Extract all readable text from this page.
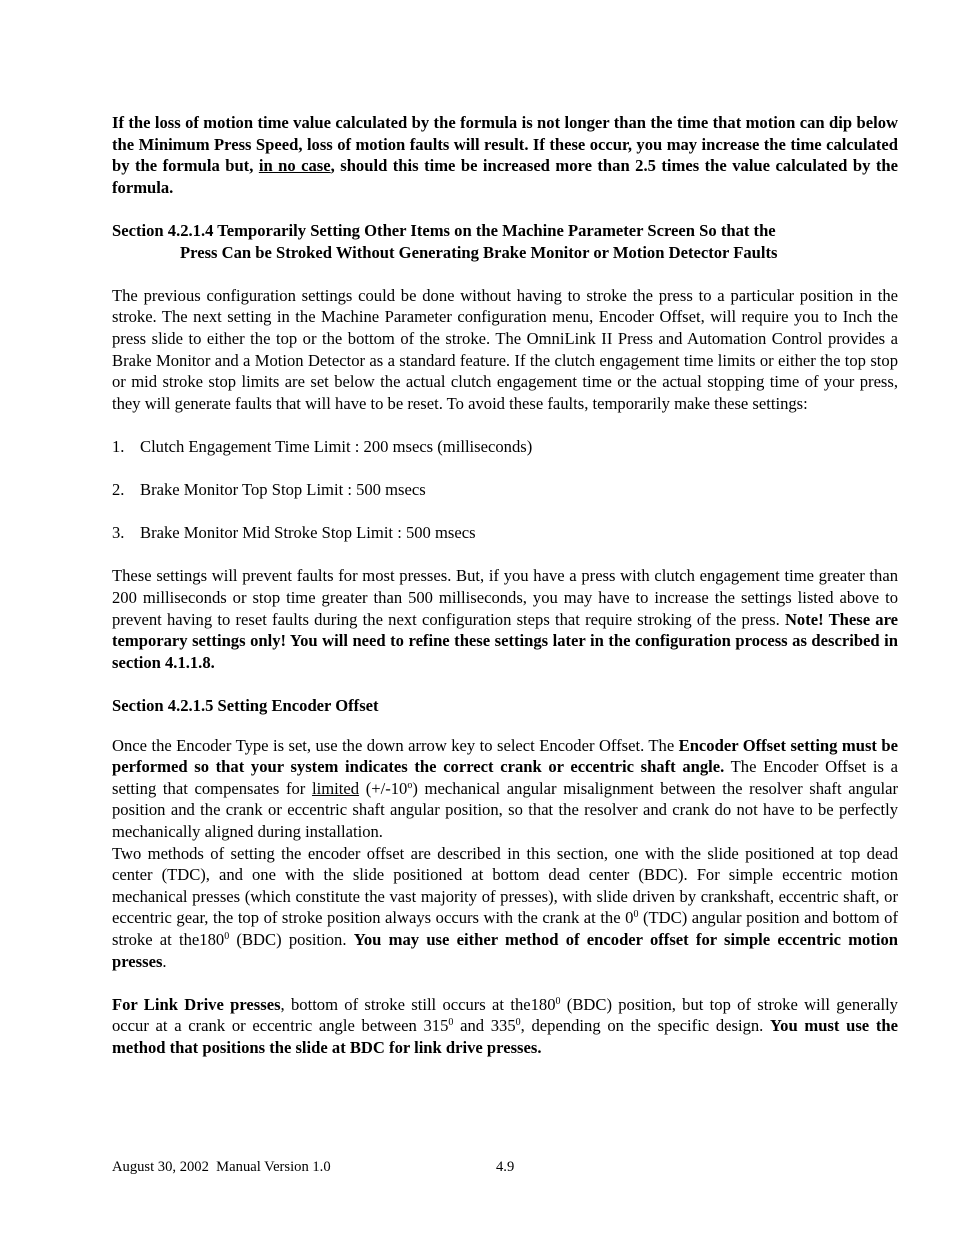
If the loss of motion time value calculated by the formula is not longer than the time that motion can dip below the Minimum Press Speed, loss of motion faults will result. If these occur, you may increase the time calculated by the formula but, in no case, should this time be increased more than 2.5 times the value calculated by the formula.

Section 4.2.1.4 Temporarily Setting Other Items on the Machine Parameter Screen So that the
Press Can be Stroked Without Generating Brake Monitor or Motion Detector Faults

The previous configuration settings could be done without having to stroke the press to a particular position in the stroke. The next setting in the Machine Parameter configuration menu, Encoder Offset, will require you to Inch the press slide to either the top or the bottom of the stroke. The OmniLink II Press and Automation Control provides a Brake Monitor and a Motion Detector as a standard feature. If the clutch engagement time limits or either the top stop or mid stroke stop limits are set below the actual clutch engagement time or the actual stopping time of your press, they will generate faults that will have to be reset. To avoid these faults, temporarily make these settings:

1. Clutch Engagement Time Limit : 200 msecs (milliseconds)
2. Brake Monitor Top Stop Limit : 500 msecs
3. Brake Monitor Mid Stroke Stop Limit : 500 msecs

These settings will prevent faults for most presses. But, if you have a press with clutch engagement time greater than 200 milliseconds or stop time greater than 500 milliseconds, you may have to increase the settings listed above to prevent having to reset faults during the next configuration steps that require stroking of the press. Note! These are temporary settings only! You will need to refine these settings later in the configuration process as described in section 4.1.1.8.

Section 4.2.1.5 Setting Encoder Offset

Once the Encoder Type is set, use the down arrow key to select Encoder Offset. The Encoder Offset setting must be performed so that your system indicates the correct crank or eccentric shaft angle. The Encoder Offset is a setting that compensates for limited $(+/-10^o)$ mechanical angular misalignment between the resolver shaft angular position and the crank or eccentric shaft angular position, so that the resolver and crank do not have to be perfectly mechanically aligned during installation.

Two methods of setting the encoder offset are described in this section, one with the slide positioned at top dead center (TDC), and one with the slide positioned at bottom dead center (BDC). For simple eccentric motion mechanical presses (which constitute the vast majority of presses), with slide driven by crankshaft, eccentric shaft, or eccentric gear, the top of stroke position always occurs with the crank at the $0^0$ (TDC) angular position and bottom of stroke at $the180^0$ (BDC) position. You may use either method of encoder offset for simple eccentric motion presses.

For Link Drive presses, bottom of stroke still occurs at $the180^0$ (BDC) position, but top of stroke will generally occur at a crank or eccentric angle between $315^0$ and $335^0$, depending on the specific design. You must use the method that positions the slide at BDC for link drive presses.

August 30, 2002  Manual Version 1.0	4.9
